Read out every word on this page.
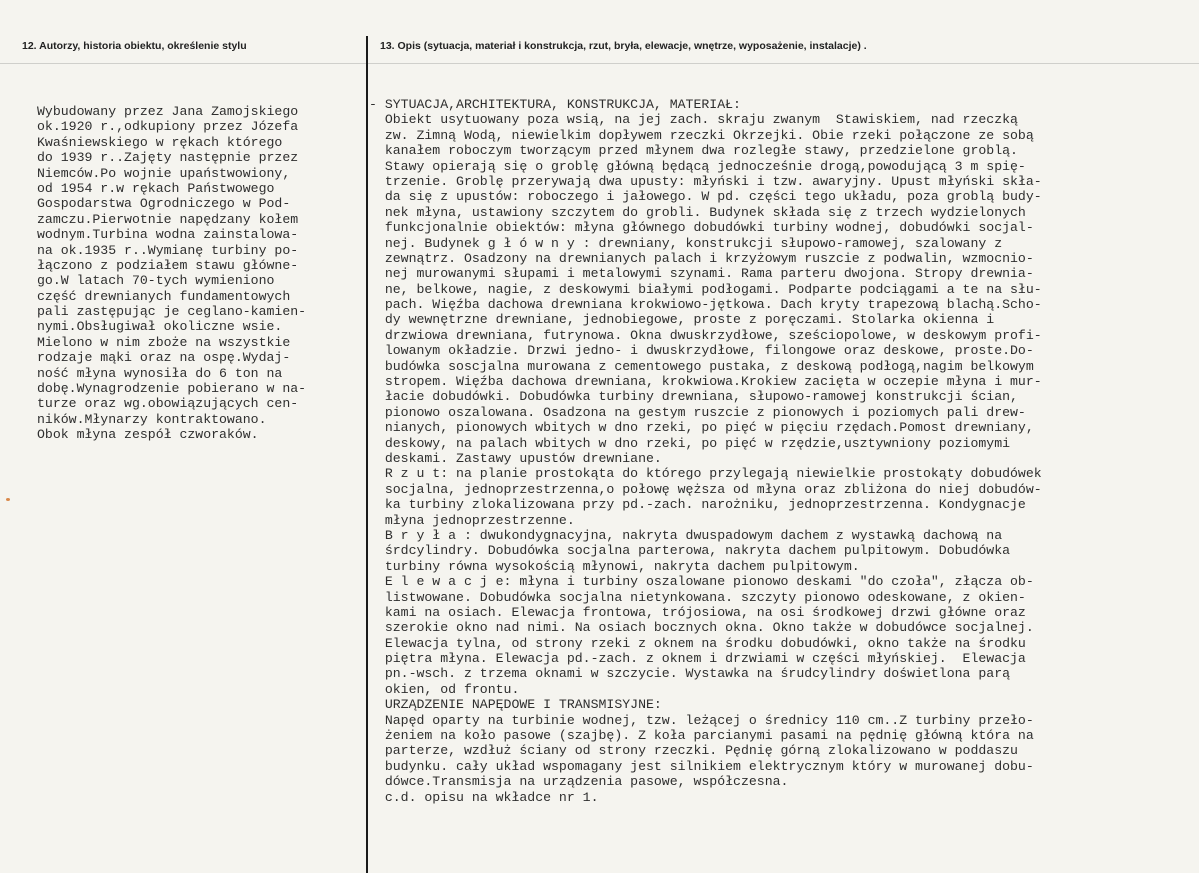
12. Autorzy, historia obiektu, określenie stylu	13. Opis (sytuacja, materiał i konstrukcja, rzut, bryła, elewacje, wnętrze, wyposażenie, instalacje) .
Wybudowany przez Jana Zamojskiego
ok.1920 r.,odkupiony przez Józefa
Kwaśniewskiego w rękach którego
do 1939 r..Zajęty następnie przez
Niemców.Po wojnie upaństwowiony,
od 1954 r.w rękach Państwowego
Gospodarstwa Ogrodniczego w Pod-
zamczu.Pierwotnie napędzany kołem
wodnym.Turbina wodna zainstalowa-
na ok.1935 r..Wymianę turbiny po-
łączono z podziałem stawu główne-
go.W latach 70-tych wymieniono
część drewnianych fundamentowych
pali zastępując je ceglano-kamien-
nymi.Obsługiwał okoliczne wsie.
Mielono w nim zboże na wszystkie
rodzaje mąki oraz na ospę.Wydaj-
ność młyna wynosiła do 6 ton na
dobę.Wynagrodzenie pobierano w na-
turze oraz wg.obowiązujących cen-
ników.Młynarzy kontraktowano.
Obok młyna zespół czworaków.
- SYTUACJA,ARCHITEKTURA, KONSTRUKCJA, MATERIAŁ:
Obiekt usytuowany poza wsią, na jej zach. skraju zwanym  Stawiskiem, nad rzeczką
zw. Zimną Wodą, niewielkim dopływem rzeczki Okrzejki. Obie rzeki połączone ze sobą
kanałem roboczym tworzącym przed młynem dwa rozległe stawy, przedzielone groblą.
Stawy opierają się o groblę główną będącą jednocześnie drogą,powodującą 3 m spię-
trzenie. Groblę przerywają dwa upusty: młyński i tzw. awaryjny. Upust młyński skła-
da się z upustów: roboczego i jałowego. W pd. części tego układu, poza groblą budy-
nek młyna, ustawiony szczytem do grobli. Budynek składa się z trzech wydzielonych
funkcjonalnie obiektów: młyna głównego dobudówki turbiny wodnej, dobudówki socjal-
nej. Budynek g ł ó w n y : drewniany, konstrukcji słupowo-ramowej, szalowany z
zewnątrz. Osadzony na drewnianych palach i krzyżowym ruszcie z podwalin, wzmocnio-
nej murowanymi słupami i metalowymi szynami. Rama parteru dwojona. Stropy drewnia-
ne, belkowe, nagie, z deskowymi białymi podłogami. Podparte podciągami a te na słu-
pach. Więźba dachowa drewniana krokwiowo-jętkowa. Dach kryty trapezową blachą.Scho-
dy wewnętrzne drewniane, jednobiegowe, proste z poręczami. Stolarka okienna i
drzwiowa drewniana, futrynowa. Okna dwuskrzydłowe, sześciopolowe, w deskowym profi-
lowanym okładzie. Drzwi jedno- i dwuskrzydłowe, filongowe oraz deskowe, proste.Do-
budówka soscjalna murowana z cementowego pustaka, z deskową podłogą,nagim belkowym
stropem. Więźba dachowa drewniana, krokwiowa.Krokiew zacięta w oczepie młyna i mur-
łacie dobudówki. Dobudówka turbiny drewniana, słupowo-ramowej konstrukcji ścian,
pionowo oszalowana. Osadzona na gestym ruszcie z pionowych i poziomych pali drew-
nianych, pionowych wbitych w dno rzeki, po pięć w pięciu rzędach.Pomost drewniany,
deskowy, na palach wbitych w dno rzeki, po pięć w rzędzie,usztywniony poziomymi
deskami. Zastawy upustów drewniane.
R z u t: na planie prostokąta do którego przylegają niewielkie prostokąty dobudówek
socjalna, jednoprzestrzenna,o połowę węższa od młyna oraz zbliżona do niej dobudów-
ka turbiny zlokalizowana przy pd.-zach. narożniku, jednoprzestrzenna. Kondygnacje
młyna jednoprzestrzenne.
B r y ł a : dwukondygnacyjna, nakryta dwuspadowym dachem z wystawką dachową na
śrdcylindry. Dobudówka socjalna parterowa, nakryta dachem pulpitowym. Dobudówka
turbiny równa wysokością młynowi, nakryta dachem pulpitowym.
E l e w a c j e: młyna i turbiny oszalowane pionowo deskami "do czoła", złącza ob-
listwowane. Dobudówka socjalna nietynkowana. szczyty pionowo odeskowane, z okien-
kami na osiach. Elewacja frontowa, trójosiowa, na osi środkowej drzwi główne oraz
szerokie okno nad nimi. Na osiach bocznych okna. Okno także w dobudówce socjalnej.
Elewacja tylna, od strony rzeki z oknem na środku dobudówki, okno także na środku
piętra młyna. Elewacja pd.-zach. z oknem i drzwiami w części młyńskiej.  Elewacja
pn.-wsch. z trzema oknami w szczycie. Wystawka na śrudcylindry doświetlona parą
okien, od frontu.
URZĄDZENIE NAPĘDOWE I TRANSMISYJNE:
Napęd oparty na turbinie wodnej, tzw. leżącej o średnicy 110 cm..Z turbiny przeło-
żeniem na koło pasowe (szajbę). Z koła parcianymi pasami na pędnię główną która na
parterze, wzdłuż ściany od strony rzeczki. Pędnię górną zlokalizowano w poddaszu
budynku. cały układ wspomagany jest silnikiem elektrycznym który w murowanej dobu-
dówce.Transmisja na urządzenia pasowe, współczesna.
c.d. opisu na wkładce nr 1.
